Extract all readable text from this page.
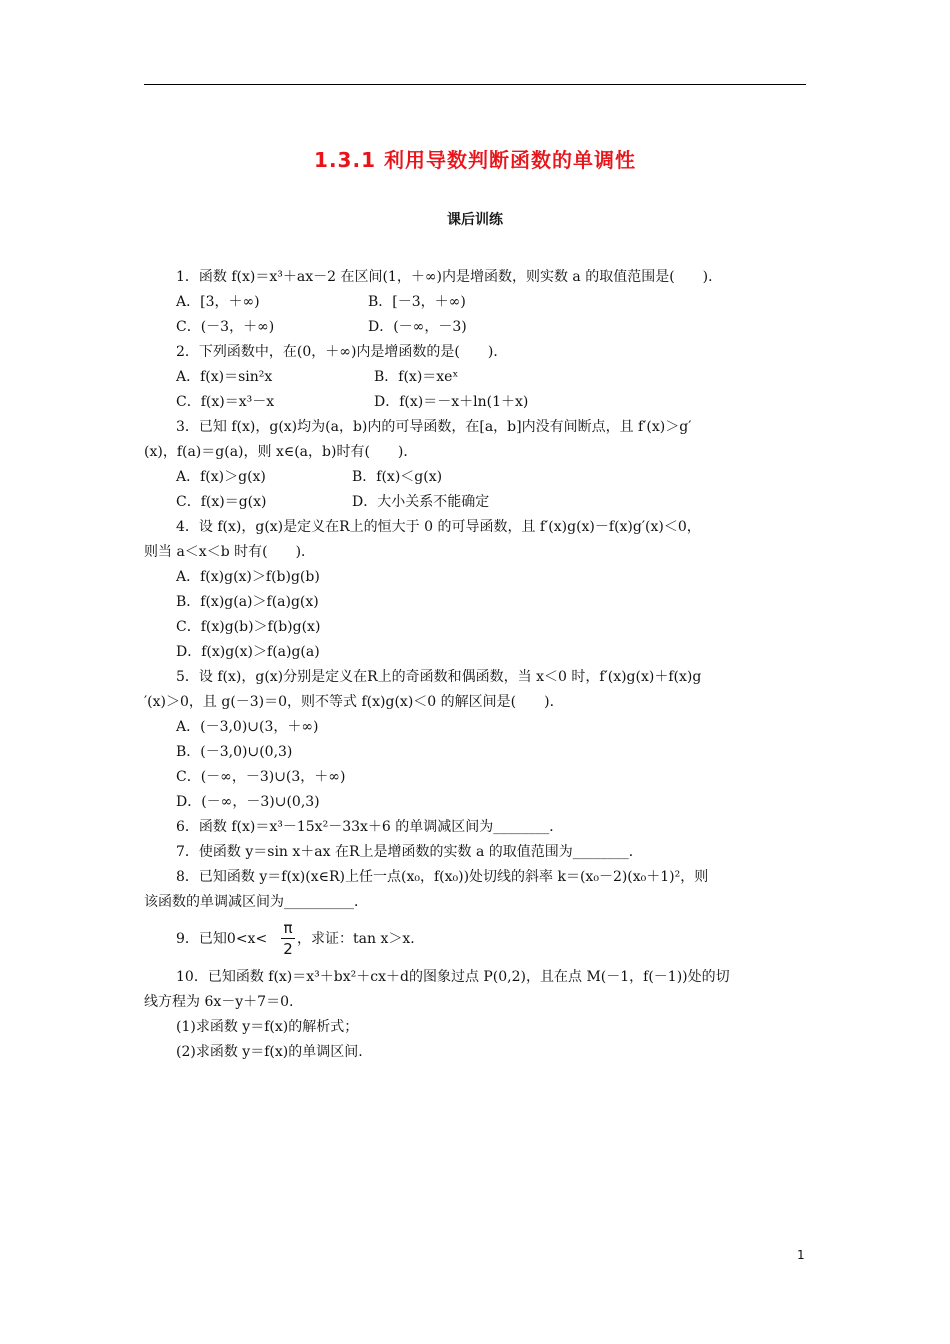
1.3.1 利用导数判断函数的单调性
课后训练
1．函数 f(x)＝x³＋ax－2 在区间(1，＋∞)内是增函数，则实数 a 的取值范围是(　　)．
A．[3，＋∞)	B．[－3，＋∞)
C．(－3，＋∞)	D．(－∞，－3)
2．下列函数中，在(0，＋∞)内是增函数的是(　　)．
A．f(x)＝sin²x	B．f(x)＝xeˣ
C．f(x)＝x³－x	D．f(x)＝－x＋ln(1＋x)
3．已知 f(x)，g(x)均为(a，b)内的可导函数，在[a，b]内没有间断点，且 f′(x)＞g′
(x)，f(a)＝g(a)，则 x∈(a，b)时有(　　)．
A．f(x)＞g(x)	B．f(x)＜g(x)
C．f(x)＝g(x)	D．大小关系不能确定
4．设 f(x)，g(x)是定义在R上的恒大于 0 的可导函数，且 f′(x)g(x)－f(x)g′(x)＜0，
则当 a＜x＜b 时有(　　)．
A．f(x)g(x)＞f(b)g(b)
B．f(x)g(a)＞f(a)g(x)
C．f(x)g(b)＞f(b)g(x)
D．f(x)g(x)＞f(a)g(a)
5．设 f(x)，g(x)分别是定义在R上的奇函数和偶函数，当 x＜0 时，f′(x)g(x)＋f(x)g
′(x)＞0，且 g(－3)＝0，则不等式 f(x)g(x)＜0 的解区间是(　　)．
A．(－3,0)∪(3，＋∞)
B．(－3,0)∪(0,3)
C．(－∞，－3)∪(3，＋∞)
D．(－∞，－3)∪(0,3)
6．函数 f(x)＝x³－15x²－33x＋6 的单调减区间为________．
7．使函数 y＝sin x＋ax 在R上是增函数的实数 a 的取值范围为________．
8．已知函数 y＝f(x)(x∈R)上任一点(x₀，f(x₀))处切线的斜率 k＝(x₀－2)(x₀＋1)²，则
该函数的单调减区间为__________．
9．已知0<x< ，求证：tan x＞x.
10．已知函数 f(x)＝x³＋bx²＋cx＋d的图象过点 P(0,2)，且在点 M(－1，f(－1))处的切
线方程为 6x－y＋7＝0.
(1)求函数 y＝f(x)的解析式；
(2)求函数 y＝f(x)的单调区间.
π
2
1
